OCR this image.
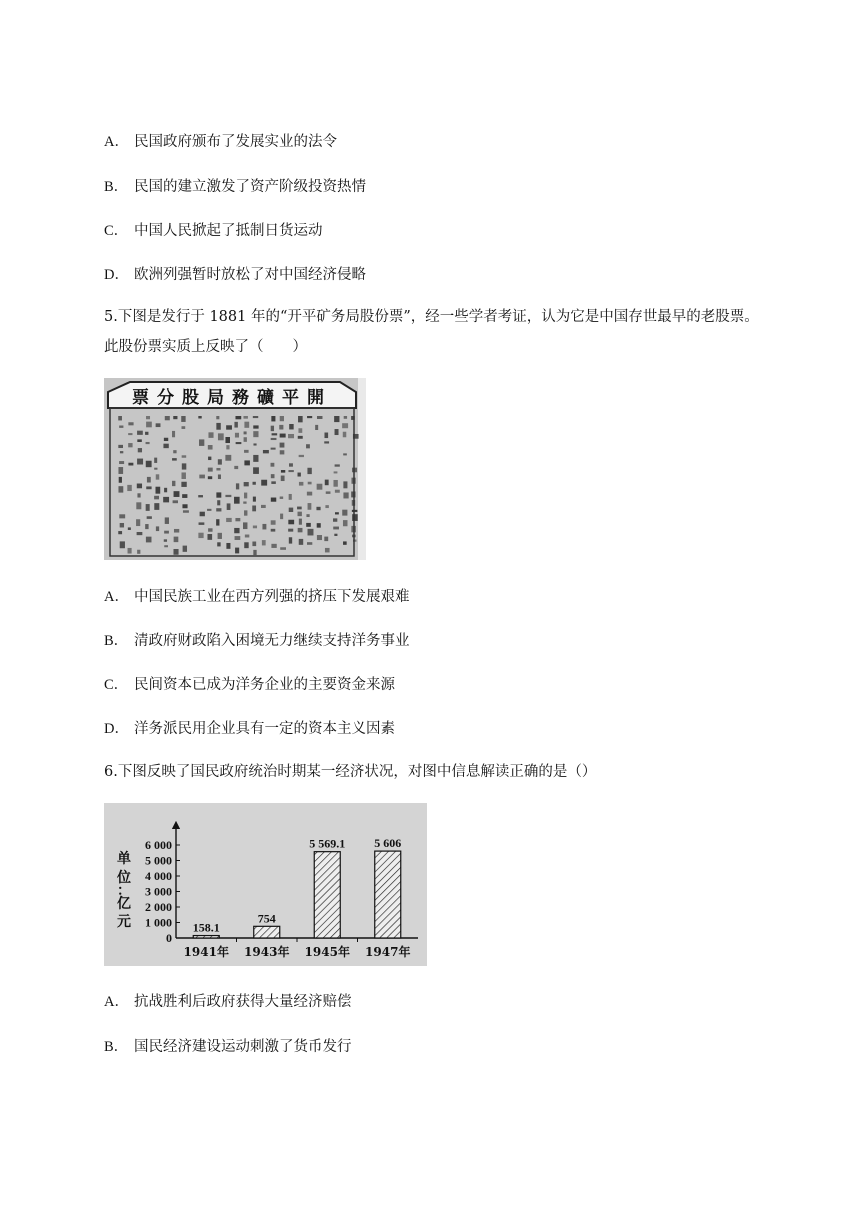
A． 民国政府颁布了发展实业的法令
B． 民国的建立激发了资产阶级投资热情
C． 中国人民掀起了抵制日货运动
D． 欧洲列强暂时放松了对中国经济侵略
5.下图是发行于 1881 年的“开平矿务局股份票”，经一些学者考证，认为它是中国存世最早的老股票。此股份票实质上反映了（　　）
票分股局務礦平開
A． 中国民族工业在西方列强的挤压下发展艰难
B． 清政府财政陷入困境无力继续支持洋务事业
C． 民间资本已成为洋务企业的主要资金来源
D． 洋务派民用企业具有一定的资本主义因素
6.下图反映了国民政府统治时期某一经济状况，对图中信息解读正确的是（）
0
1 000
2 000
3 000
4 000
5 000
6 000
单
位
：
亿
元	158.1
1941年
754
1943年
5 569.1
1945年
5 606
1947年
A． 抗战胜利后政府获得大量经济赔偿
B． 国民经济建设运动刺激了货币发行
